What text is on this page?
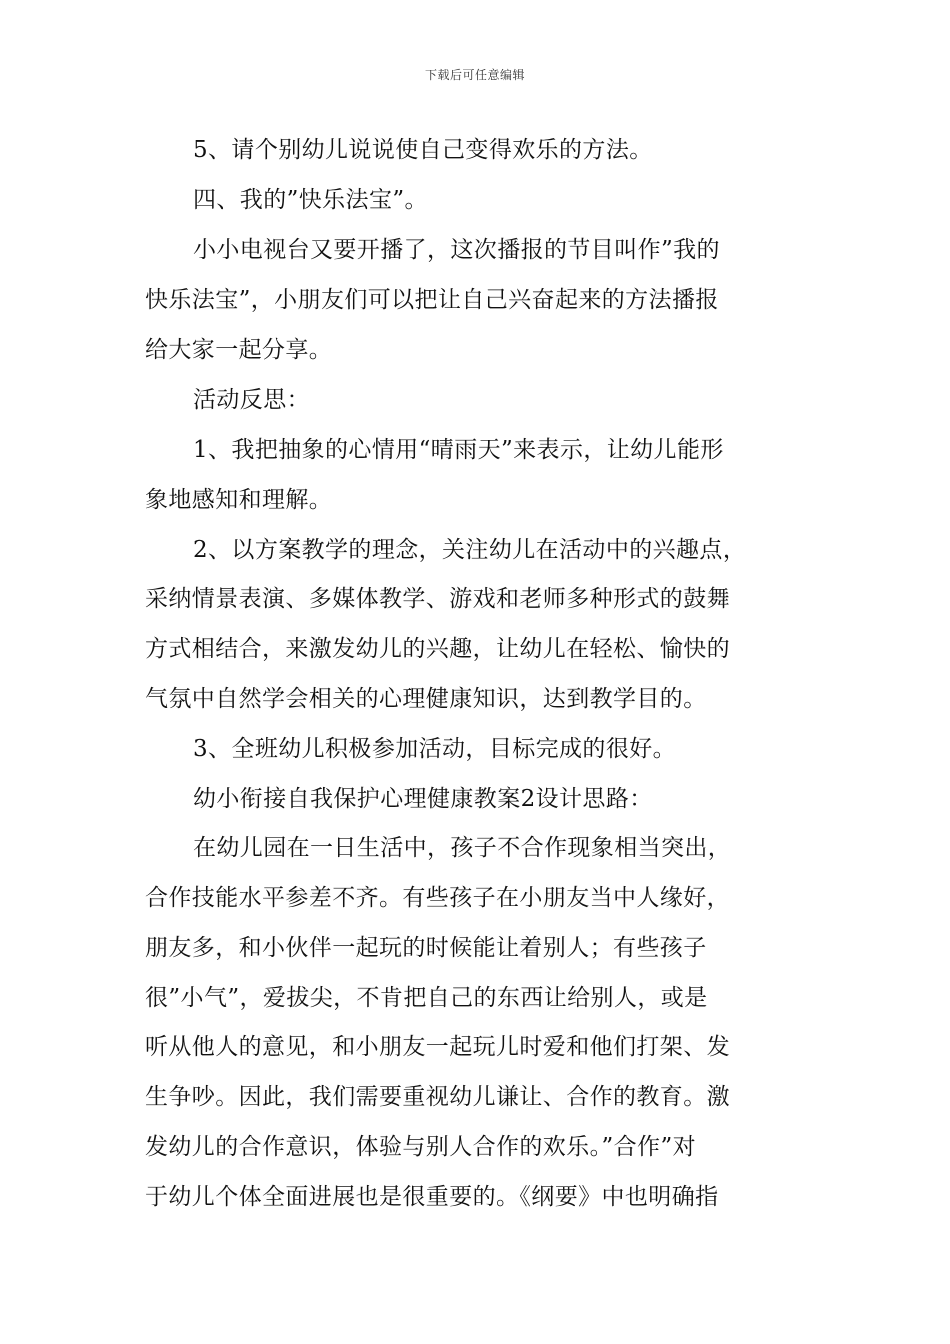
下载后可任意编辑
5、请个别幼儿说说使自己变得欢乐的方法。
四、我的”快乐法宝”。
小小电视台又要开播了，这次播报的节目叫作”我的
快乐法宝”，小朋友们可以把让自己兴奋起来的方法播报
给大家一起分享。
活动反思：
1、我把抽象的心情用“晴雨天”来表示，让幼儿能形
象地感知和理解。
2、以方案教学的理念，关注幼儿在活动中的兴趣点，
采纳情景表演、多媒体教学、游戏和老师多种形式的鼓舞
方式相结合，来激发幼儿的兴趣，让幼儿在轻松、愉快的
气氛中自然学会相关的心理健康知识，达到教学目的。
3、全班幼儿积极参加活动，目标完成的很好。
幼小衔接自我保护心理健康教案2设计思路：
在幼儿园在一日生活中，孩子不合作现象相当突出，
合作技能水平参差不齐。有些孩子在小朋友当中人缘好，
朋友多，和小伙伴一起玩的时候能让着别人；有些孩子
很”小气”，爱拔尖，不肯把自己的东西让给别人，或是
听从他人的意见，和小朋友一起玩儿时爱和他们打架、发
生争吵。因此，我们需要重视幼儿谦让、合作的教育。激
发幼儿的合作意识，体验与别人合作的欢乐。”合作”对
于幼儿个体全面进展也是很重要的。《纲要》中也明确指
